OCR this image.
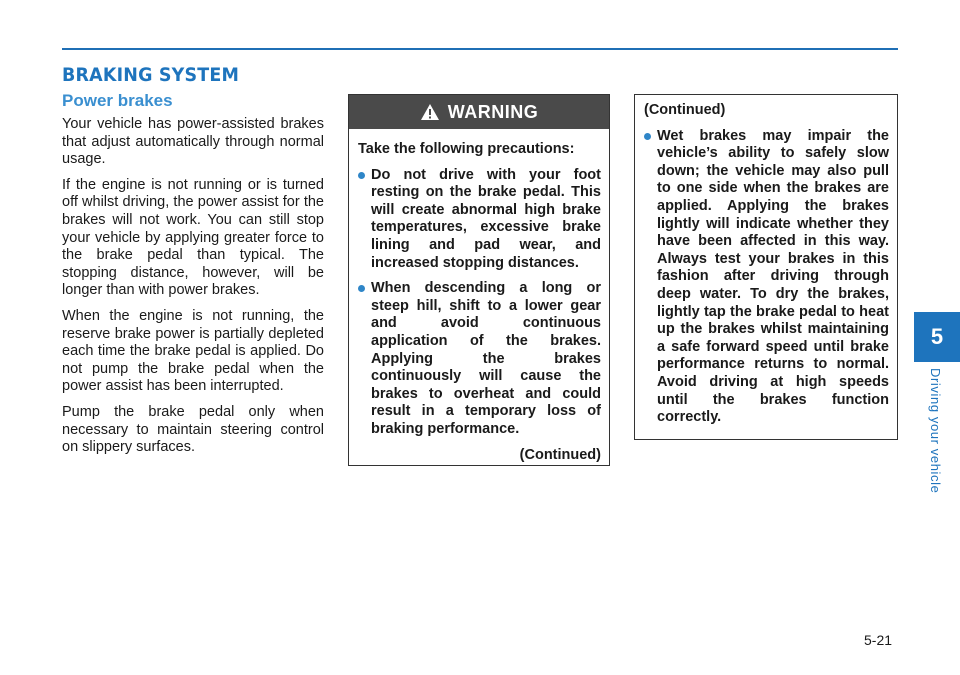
BRAKING SYSTEM
Power brakes

Your vehicle has power-assisted brakes that adjust automatically through normal usage.

If the engine is not running or is turned off whilst driving, the power assist for the brakes will not work. You can still stop your vehicle by applying greater force to the brake pedal than typical. The stopping distance, however, will be longer than with power brakes.

When the engine is not running, the reserve brake power is partially depleted each time the brake pedal is applied. Do not pump the brake pedal when the power assist has been interrupted.

Pump the brake pedal only when necessary to maintain steering control on slippery surfaces.

WARNING

Take the following precautions:

Do not drive with your foot resting on the brake pedal. This will create abnormal high brake temperatures, excessive brake lining and pad wear, and increased stopping distances.
When descending a long or steep hill, shift to a lower gear and avoid continuous application of the brakes. Applying the brakes continuously will cause the brakes to overheat and could result in a temporary loss of braking performance.

(Continued)

(Continued)

Wet brakes may impair the vehicle’s ability to safely slow down; the vehicle may also pull to one side when the brakes are applied. Applying the brakes lightly will indicate whether they have been affected in this way. Always test your brakes in this fashion after driving through deep water. To dry the brakes, lightly tap the brake pedal to heat up the brakes whilst maintaining a safe forward speed until brake performance returns to normal. Avoid driving at high speeds until the brakes function correctly.
5
Driving your vehicle
5-21
